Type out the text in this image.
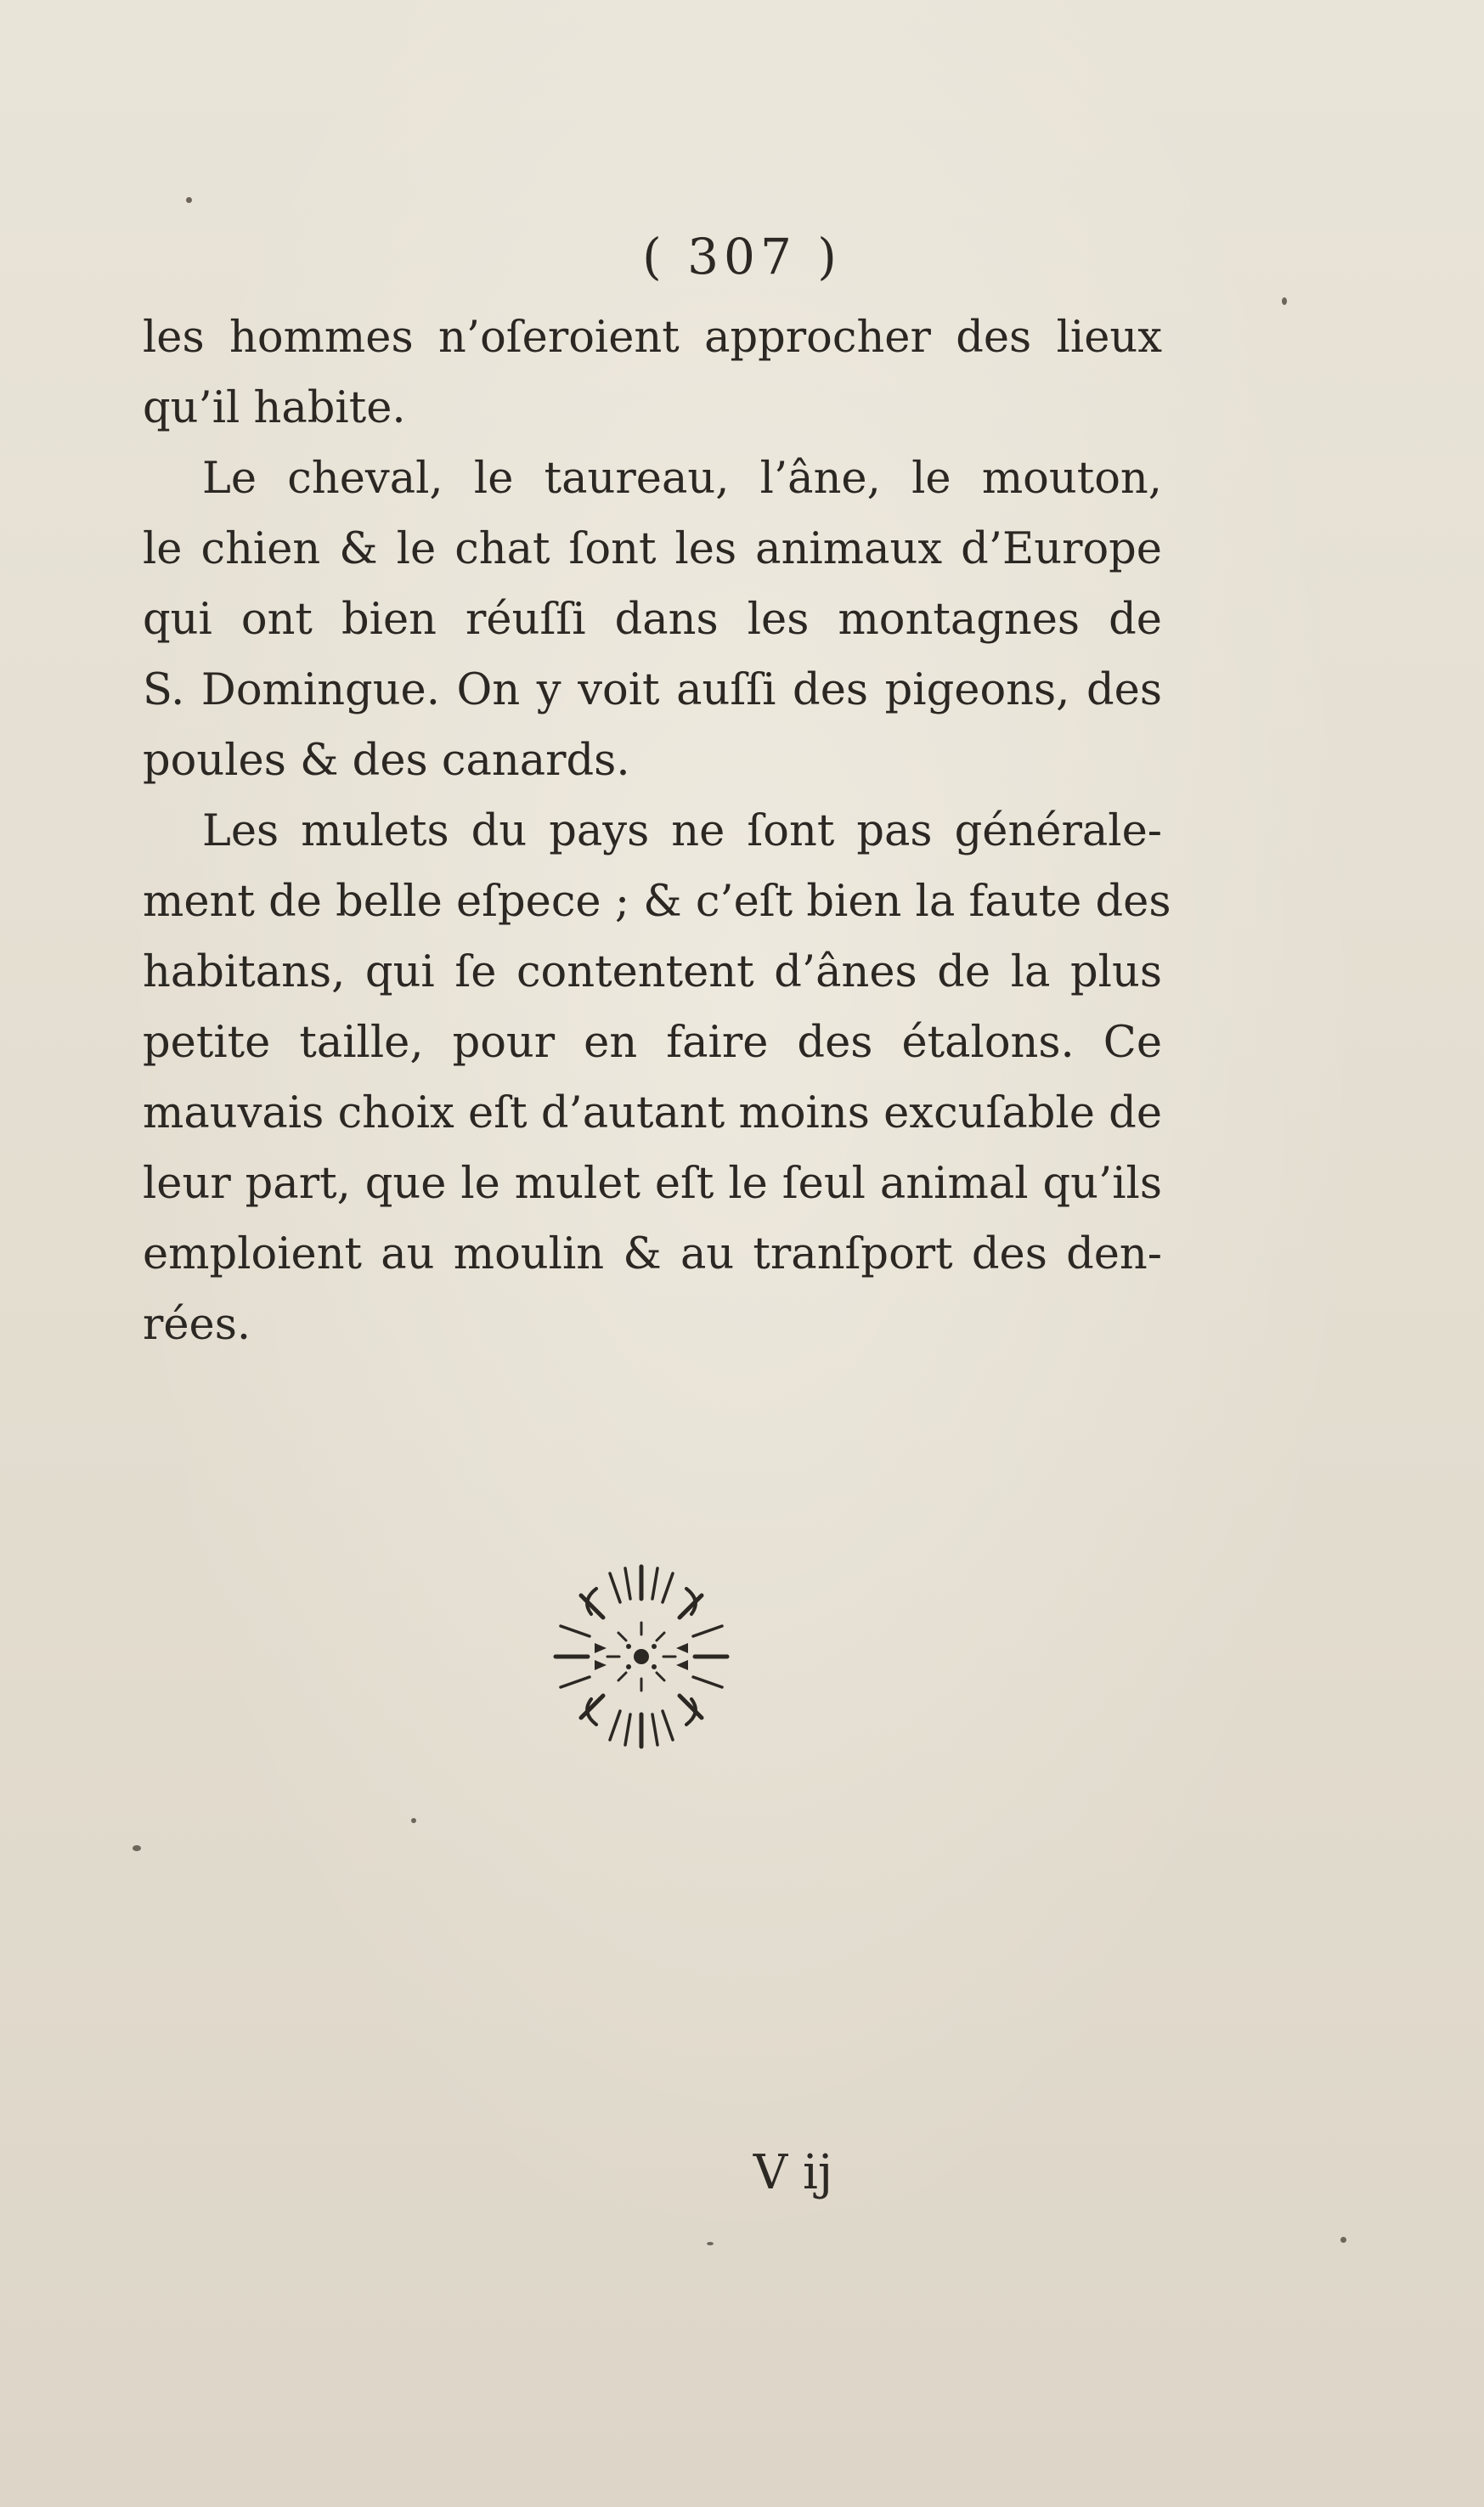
( 307 )
les hommes n’oſeroient approcher des lieux
qu’il habite.
Le cheval, le taureau, l’âne, le mouton,
le chien & le chat ſont les animaux d’Europe
qui ont bien réuſſi dans les montagnes de
S. Domingue. On y voit auſſi des pigeons, des
poules & des canards.
Les mulets du pays ne ſont pas générale-
ment de belle eſpece ; & c’eſt bien la faute des
habitans, qui ſe contentent d’ânes de la plus
petite taille, pour en faire des étalons. Ce
mauvais choix eſt d’autant moins excuſable de
leur part, que le mulet eſt le ſeul animal qu’ils
emploient au moulin & au tranſport des den-
rées.
V ij
